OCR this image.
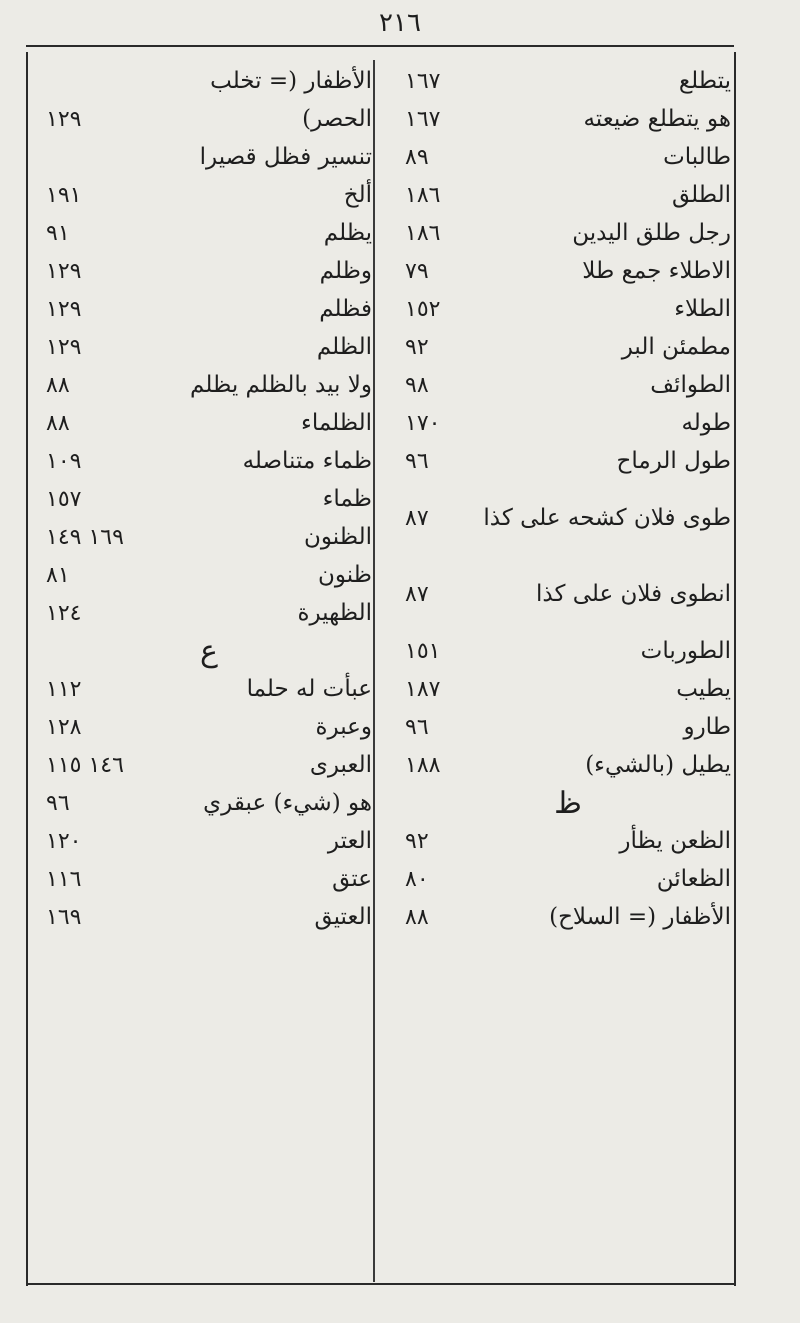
٢١٦
الأظفار (= تخلب
١٢٩	الحصر)
تنسير فظل قصيرا
١٩١	ألخ
٩١	يظلم
١٢٩	وظلم
١٢٩	فظلم
١٢٩	الظلم
٨٨	ولا بيد بالظلم يظلم
٨٨	الظلماء
١٠٩	ظماء متناصله
١٥٧	ظماء
١٦٩ ١٤٩	الظنون
٨١	ظنون
١٢٤	الظهيرة
ع
١١٢	عبأت له حلما
١٢٨	وعبرة
١٤٦ ١١٥	العبرى
٩٦	هو (شيء) عبقري
١٢٠	العتر
١١٦	عتق
١٦٩	العتيق
١٦٧	يتطلع
١٦٧	هو يتطلع ضيعته
٨٩	طالبات
١٨٦	الطلق
١٨٦	رجل طلق اليدين
٧٩	الاطلاء جمع طلا
١٥٢	الطلاء
٩٢	مطمئن البر
٩٨	الطوائف
١٧٠	طوله
٩٦	طول الرماح
٨٧ طوى فلان كشحه على كذا
٨٧	انطوى فلان على كذا
١٥١	الطوربات
١٨٧	يطيب
٩٦	طارو
١٨٨	يطيل (بالشيء)
ظ
٩٢	الظعن يظأر
٨٠	الظعائن
٨٨	الأظفار (= السلاح)
